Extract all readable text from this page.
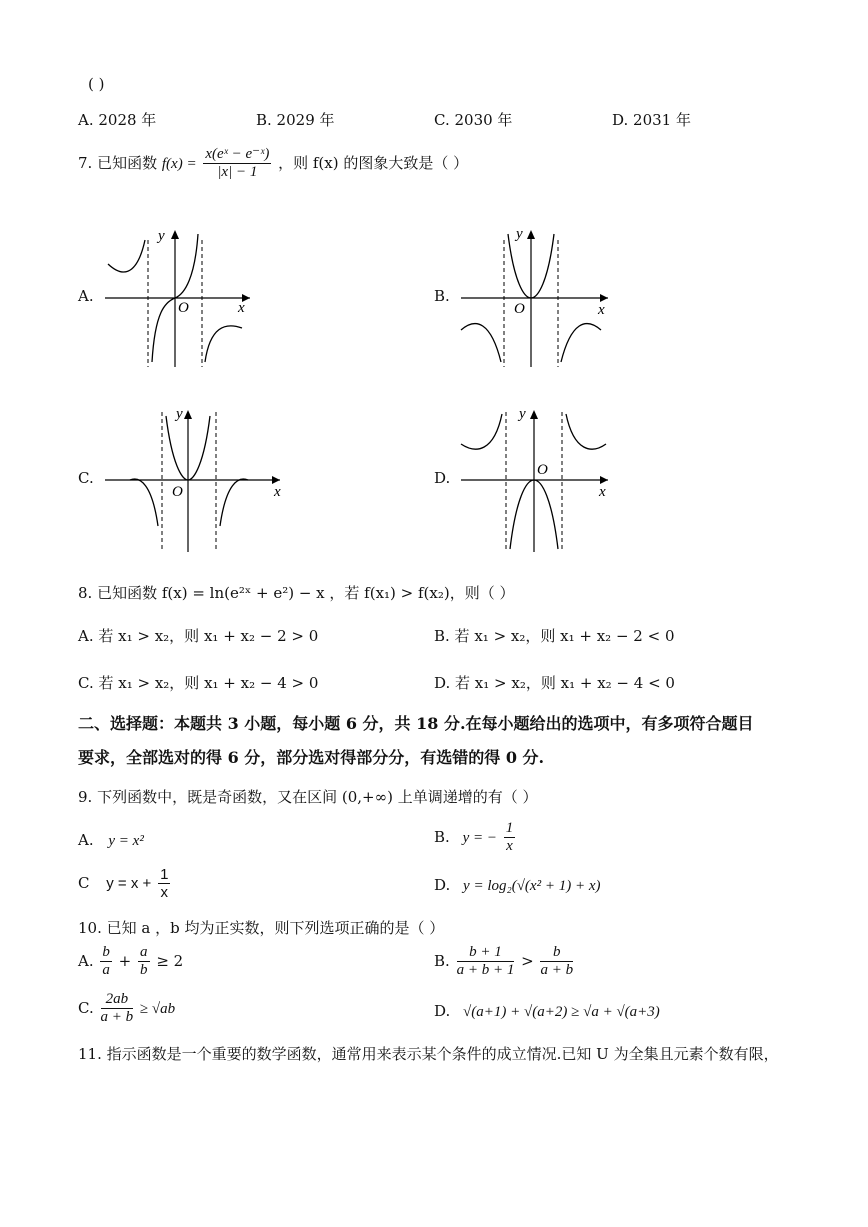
( )
A. 2028 年	B. 2029 年	C. 2030 年	D. 2031 年
7. 已知函数 $f(x) = \frac{\text{x(eˣ − e⁻ˣ)}}{|x| - 1}$ ，则 f(x) 的图象大致是（ ）
A.	B.
C.	D.
O	x
y
O	x
y
O	x
y
O
x
y
8. 已知函数 f(x) = ln(e²ˣ + e²) − x ，若 f(x₁) > f(x₂)，则（ ）
A. 若 x₁ > x₂，则 x₁ + x₂ − 2 > 0	B. 若 x₁ > x₂，则 x₁ + x₂ − 2 < 0
C. 若 x₁ > x₂，则 x₁ + x₂ − 4 > 0	D. 若 x₁ > x₂，则 x₁ + x₂ − 4 < 0
二、选择题：本题共 3 小题，每小题 6 分，共 18 分.在每小题给出的选项中，有多项符合题目
要求，全部选对的得 6 分，部分选对得部分分，有选错的得 0 分.
9. 下列函数中，既是奇函数，又在区间 (0,+∞) 上单调递增的有（ ）
A. y = x²	B. y = − $\frac{1}{x}$
C $y = x + \frac{1}{x}$	D. y = log₂(√(x² + 1) + x)
10. 已知 a ，b 均为正实数，则下列选项正确的是（ ）
A. $\frac{b}{a} + \frac{a}{b} \ge 2$	B. $\frac{b + 1}{a + b + 1} > \frac{b}{a + b}$
C. $\frac{2ab}{a + b} \ge √ab$	D. √(a+1) + √(a+2) ≥ √a + √(a+3)
11. 指示函数是一个重要的数学函数，通常用来表示某个条件的成立情况.已知 U 为全集且元素个数有限，
